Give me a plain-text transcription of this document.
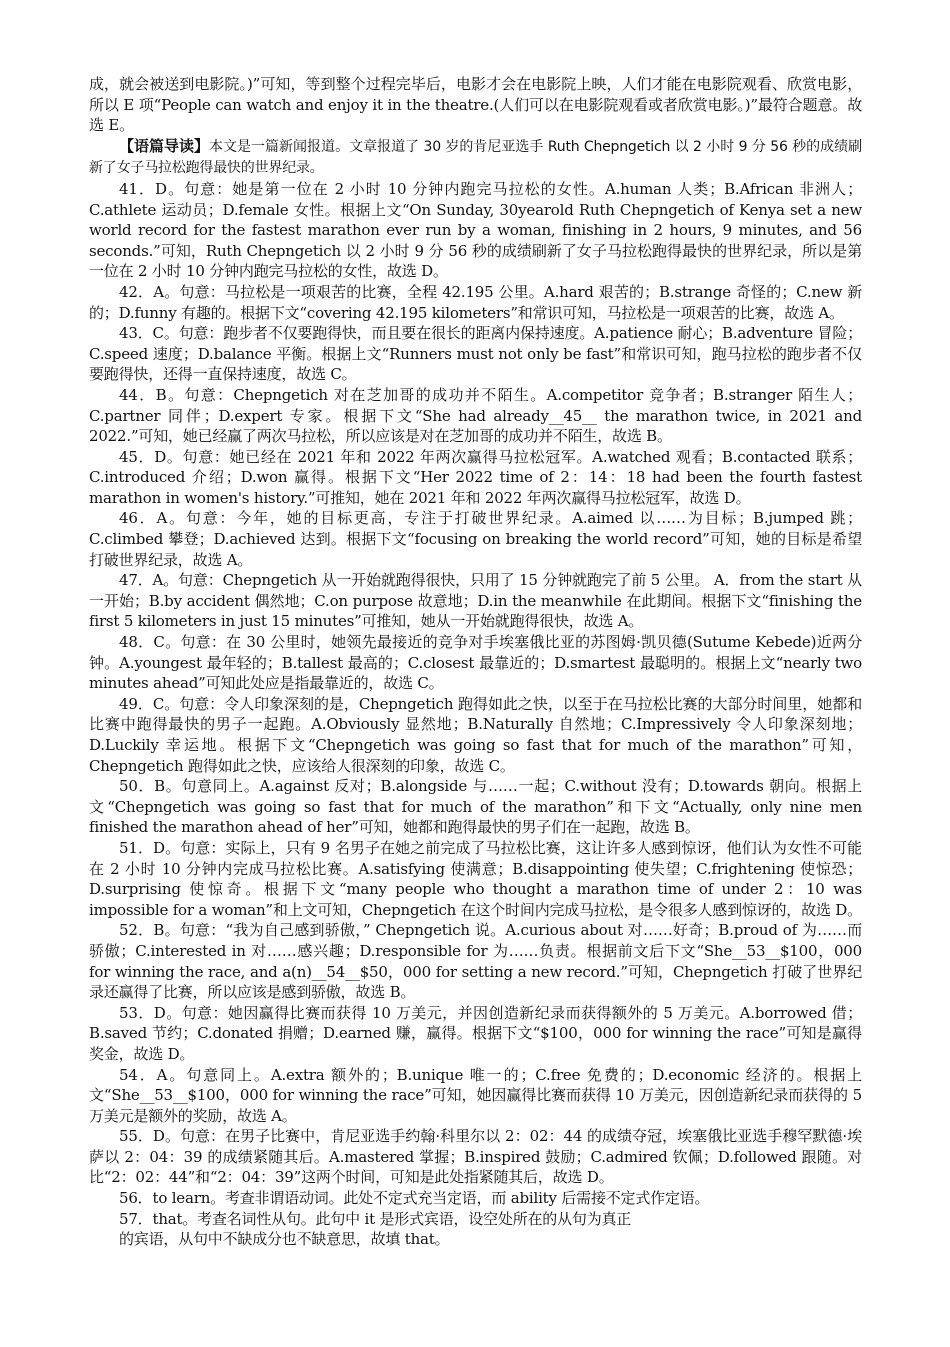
成，就会被送到电影院。)”可知，等到整个过程完毕后，电影才会在电影院上映，人们才能在电影院观看、欣赏电影，所以 E 项“People can watch and enjoy it in the theatre.(人们可以在电影院观看或者欣赏电影。)”最符合题意。故选 E。

【语篇导读】本文是一篇新闻报道。文章报道了 30 岁的肯尼亚选手 Ruth Chepngetich 以 2 小时 9 分 56 秒的成绩刷新了女子马拉松跑得最快的世界纪录。

41．D。句意：她是第一位在 2 小时 10 分钟内跑完马拉松的女性。A.human 人类；B.African 非洲人；C.athlete 运动员；D.female 女性。根据上文“On Sunday, 30yearold Ruth Chepngetich of Kenya set a new world record for the fastest marathon ever run by a woman, finishing in 2 hours, 9 minutes, and 56 seconds.”可知，Ruth Chepngetich 以 2 小时 9 分 56 秒的成绩刷新了女子马拉松跑得最快的世界纪录，所以是第一位在 2 小时 10 分钟内跑完马拉松的女性，故选 D。

42．A。句意：马拉松是一项艰苦的比赛，全程 42.195 公里。A.hard 艰苦的；B.strange 奇怪的；C.new 新的；D.funny 有趣的。根据下文“covering 42.195 kilometers”和常识可知，马拉松是一项艰苦的比赛，故选 A。

43．C。句意：跑步者不仅要跑得快，而且要在很长的距离内保持速度。A.patience 耐心；B.adventure 冒险；C.speed 速度；D.balance 平衡。根据上文“Runners must not only be fast”和常识可知，跑马拉松的跑步者不仅要跑得快，还得一直保持速度，故选 C。

44．B。句意：Chepngetich 对在芝加哥的成功并不陌生。A.competitor 竞争者；B.stranger 陌生人；C.partner 同伴；D.expert 专家。根据下文“She had already__45__ the marathon twice, in 2021 and 2022.”可知，她已经赢了两次马拉松，所以应该是对在芝加哥的成功并不陌生，故选 B。

45．D。句意：她已经在 2021 年和 2022 年两次赢得马拉松冠军。A.watched 观看；B.contacted 联系；C.introduced 介绍；D.won 赢得。根据下文“Her 2022 time of 2：14：18 had been the fourth fastest marathon in women's history.”可推知，她在 2021 年和 2022 年两次赢得马拉松冠军，故选 D。

46．A。句意：今年，她的目标更高，专注于打破世界纪录。A.aimed 以……为目标；B.jumped 跳；C.climbed 攀登；D.achieved 达到。根据下文“focusing on breaking the world record”可知，她的目标是希望打破世界纪录，故选 A。

47．A。句意：Chepngetich 从一开始就跑得很快，只用了 15 分钟就跑完了前 5 公里。 A．from the start 从一开始；B.by accident 偶然地；C.on purpose 故意地；D.in the meanwhile 在此期间。根据下文“finishing the first 5 kilometers in just 15 minutes”可推知，她从一开始就跑得很快，故选 A。

48．C。句意：在 30 公里时，她领先最接近的竞争对手埃塞俄比亚的苏图姆·凯贝德(Sutume Kebede)近两分钟。A.youngest 最年轻的；B.tallest 最高的；C.closest 最靠近的；D.smartest 最聪明的。根据上文“nearly two minutes ahead”可知此处应是指最靠近的，故选 C。

49．C。句意：令人印象深刻的是，Chepngetich 跑得如此之快，以至于在马拉松比赛的大部分时间里，她都和比赛中跑得最快的男子一起跑。A.Obviously 显然地；B.Naturally 自然地；C.Impressively 令人印象深刻地；D.Luckily 幸运地。根据下文“Chepngetich was going so fast that for much of the marathon”可知，Chepngetich 跑得如此之快，应该给人很深刻的印象，故选 C。

50．B。句意同上。A.against 反对；B.alongside 与……一起；C.without 没有；D.towards 朝向。根据上文“Chepngetich was going so fast that for much of the marathon”和下文“Actually, only nine men finished the marathon ahead of her”可知，她都和跑得最快的男子们在一起跑，故选 B。

51．D。句意：实际上，只有 9 名男子在她之前完成了马拉松比赛，这让许多人感到惊讶，他们认为女性不可能在 2 小时 10 分钟内完成马拉松比赛。A.satisfying 使满意；B.disappointing 使失望；C.frightening 使惊恐；D.surprising 使惊奇。根据下文“many people who thought a marathon time of under 2：10 was impossible for a woman”和上文可知，Chepngetich 在这个时间内完成马拉松，是令很多人感到惊讶的，故选 D。

52．B。句意：“我为自己感到骄傲，” Chepngetich 说。A.curious about 对……好奇；B.proud of 为……而骄傲；C.interested in 对……感兴趣；D.responsible for 为……负责。根据前文后下文“She__53__$100，000 for winning the race, and a(n)__54__$50，000 for setting a new record.”可知，Chepngetich 打破了世界纪录还赢得了比赛，所以应该是感到骄傲，故选 B。

53．D。句意：她因赢得比赛而获得 10 万美元，并因创造新纪录而获得额外的 5 万美元。A.borrowed 借；B.saved 节约；C.donated 捐赠；D.earned 赚，赢得。根据下文“$100，000 for winning the race”可知是赢得奖金，故选 D。

54．A。句意同上。A.extra 额外的；B.unique 唯一的；C.free 免费的；D.economic 经济的。根据上文“She__53__$100，000 for winning the race”可知，她因赢得比赛而获得 10 万美元，因创造新纪录而获得的 5 万美元是额外的奖励，故选 A。

55．D。句意：在男子比赛中，肯尼亚选手约翰·科里尔以 2：02：44 的成绩夺冠，埃塞俄比亚选手穆罕默德·埃萨以 2：04：39 的成绩紧随其后。A.mastered 掌握；B.inspired 鼓励；C.admired 钦佩；D.followed 跟随。对比“2：02：44”和“2：04：39”这两个时间，可知是此处指紧随其后，故选 D。

56．to learn。考查非谓语动词。此处不定式充当定语，而 ability 后需接不定式作定语。

57．that。考查名词性从句。此句中 it 是形式宾语，设空处所在的从句为真正

的宾语，从句中不缺成分也不缺意思，故填 that。
